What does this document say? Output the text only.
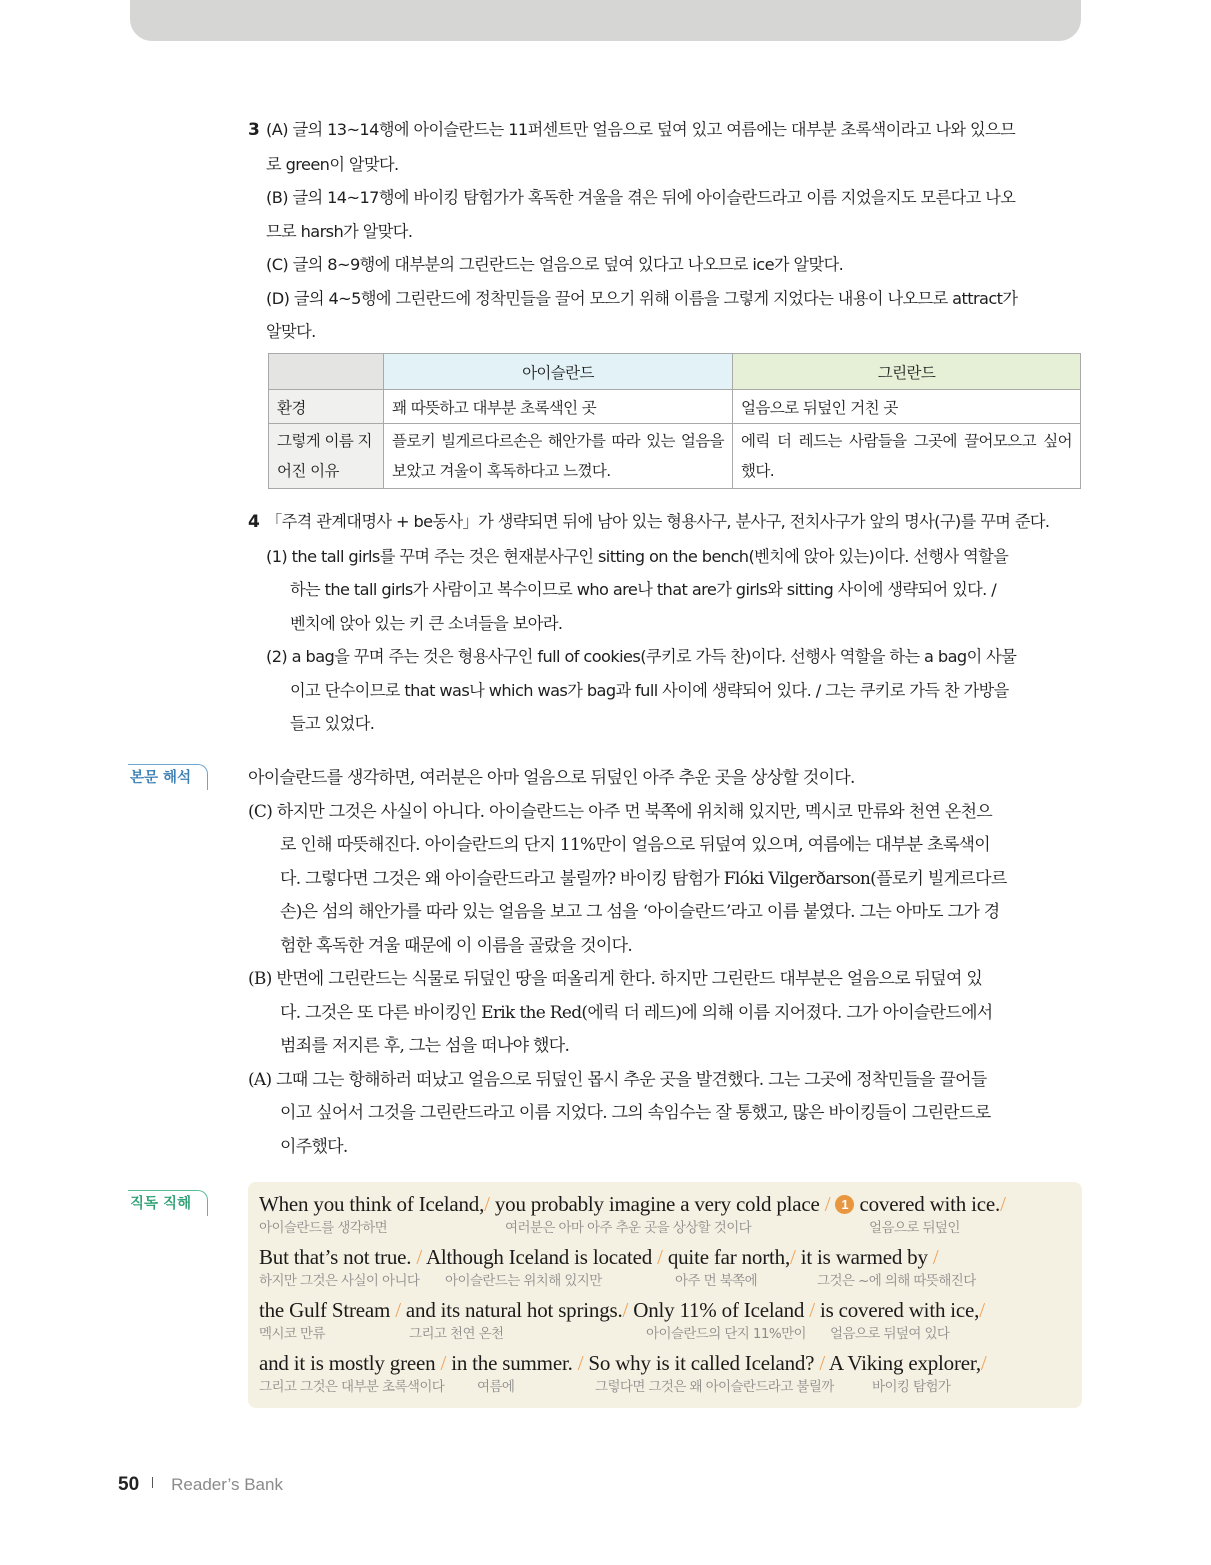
3 (A) 글의 13~14행에 아이슬란드는 11퍼센트만 얼음으로 덮여 있고 여름에는 대부분 초록색이라고 나와 있으므
로 green이 알맞다.
(B) 글의 14~17행에 바이킹 탐험가가 혹독한 겨울을 겪은 뒤에 아이슬란드라고 이름 지었을지도 모른다고 나오
므로 harsh가 알맞다.
(C) 글의 8~9행에 대부분의 그린란드는 얼음으로 덮여 있다고 나오므로 ice가 알맞다.
(D) 글의 4~5행에 그린란드에 정착민들을 끌어 모으기 위해 이름을 그렇게 지었다는 내용이 나오므로 attract가
알맞다.
	아이슬란드	그린란드
환경	꽤 따뜻하고 대부분 초록색인 곳	얼음으로 뒤덮인 거친 곳
그렇게 이름 지어진 이유	플로키 빌게르다르손은 해안가를 따라 있는 얼음을 보았고 겨울이 혹독하다고 느꼈다.	에릭 더 레드는 사람들을 그곳에 끌어모으고 싶어 했다.
4 「주격 관계대명사 + be동사」가 생략되면 뒤에 남아 있는 형용사구, 분사구, 전치사구가 앞의 명사(구)를 꾸며 준다.
(1) the tall girls를 꾸며 주는 것은 현재분사구인 sitting on the bench(벤치에 앉아 있는)이다. 선행사 역할을
하는 the tall girls가 사람이고 복수이므로 who are나 that are가 girls와 sitting 사이에 생략되어 있다. /
벤치에 앉아 있는 키 큰 소녀들을 보아라.
(2) a bag을 꾸며 주는 것은 형용사구인 full of cookies(쿠키로 가득 찬)이다. 선행사 역할을 하는 a bag이 사물
이고 단수이므로 that was나 which was가 bag과 full 사이에 생략되어 있다. / 그는 쿠키로 가득 찬 가방을
들고 있었다.
본문 해석	아이슬란드를 생각하면, 여러분은 아마 얼음으로 뒤덮인 아주 추운 곳을 상상할 것이다.
(C) 하지만 그것은 사실이 아니다. 아이슬란드는 아주 먼 북쪽에 위치해 있지만, 멕시코 만류와 천연 온천으
로 인해 따뜻해진다. 아이슬란드의 단지 11%만이 얼음으로 뒤덮여 있으며, 여름에는 대부분 초록색이
다. 그렇다면 그것은 왜 아이슬란드라고 불릴까? 바이킹 탐험가 Flóki Vilgerðarson(플로키 빌게르다르
손)은 섬의 해안가를 따라 있는 얼음을 보고 그 섬을 ‘아이슬란드’라고 이름 붙였다. 그는 아마도 그가 경
험한 혹독한 겨울 때문에 이 이름을 골랐을 것이다.
(B) 반면에 그린란드는 식물로 뒤덮인 땅을 떠올리게 한다. 하지만 그린란드 대부분은 얼음으로 뒤덮여 있
다. 그것은 또 다른 바이킹인 Erik the Red(에릭 더 레드)에 의해 이름 지어졌다. 그가 아이슬란드에서
범죄를 저지른 후, 그는 섬을 떠나야 했다.
(A) 그때 그는 항해하러 떠났고 얼음으로 뒤덮인 몹시 추운 곳을 발견했다. 그는 그곳에 정착민들을 끌어들
이고 싶어서 그것을 그린란드라고 이름 지었다. 그의 속임수는 잘 통했고, 많은 바이킹들이 그린란드로
이주했다.
직독 직해	When you think of Iceland,/ you probably imagine a very cold place / 1 covered with ice./
아이슬란드를 생각하면	여러분은 아마 아주 추운 곳을 상상할 것이다	얼음으로 뒤덮인
But that’s not true. / Although Iceland is located / quite far north,/ it is warmed by /
하지만 그것은 사실이 아니다 아이슬란드는 위치해 있지만	아주 먼 북쪽에	그것은 ~에 의해 따뜻해진다
the Gulf Stream / and its natural hot springs./ Only 11% of Iceland / is covered with ice,/
멕시코 만류	그리고 천연 온천	아이슬란드의 단지 11%만이 얼음으로 뒤덮여 있다
and it is mostly green / in the summer. / So why is it called Iceland? / A Viking explorer,/
그리고 그것은 대부분 초록색이다 여름에	그렇다면 그것은 왜 아이슬란드라고 불릴까	바이킹 탐험가
50 Reader’s Bank
